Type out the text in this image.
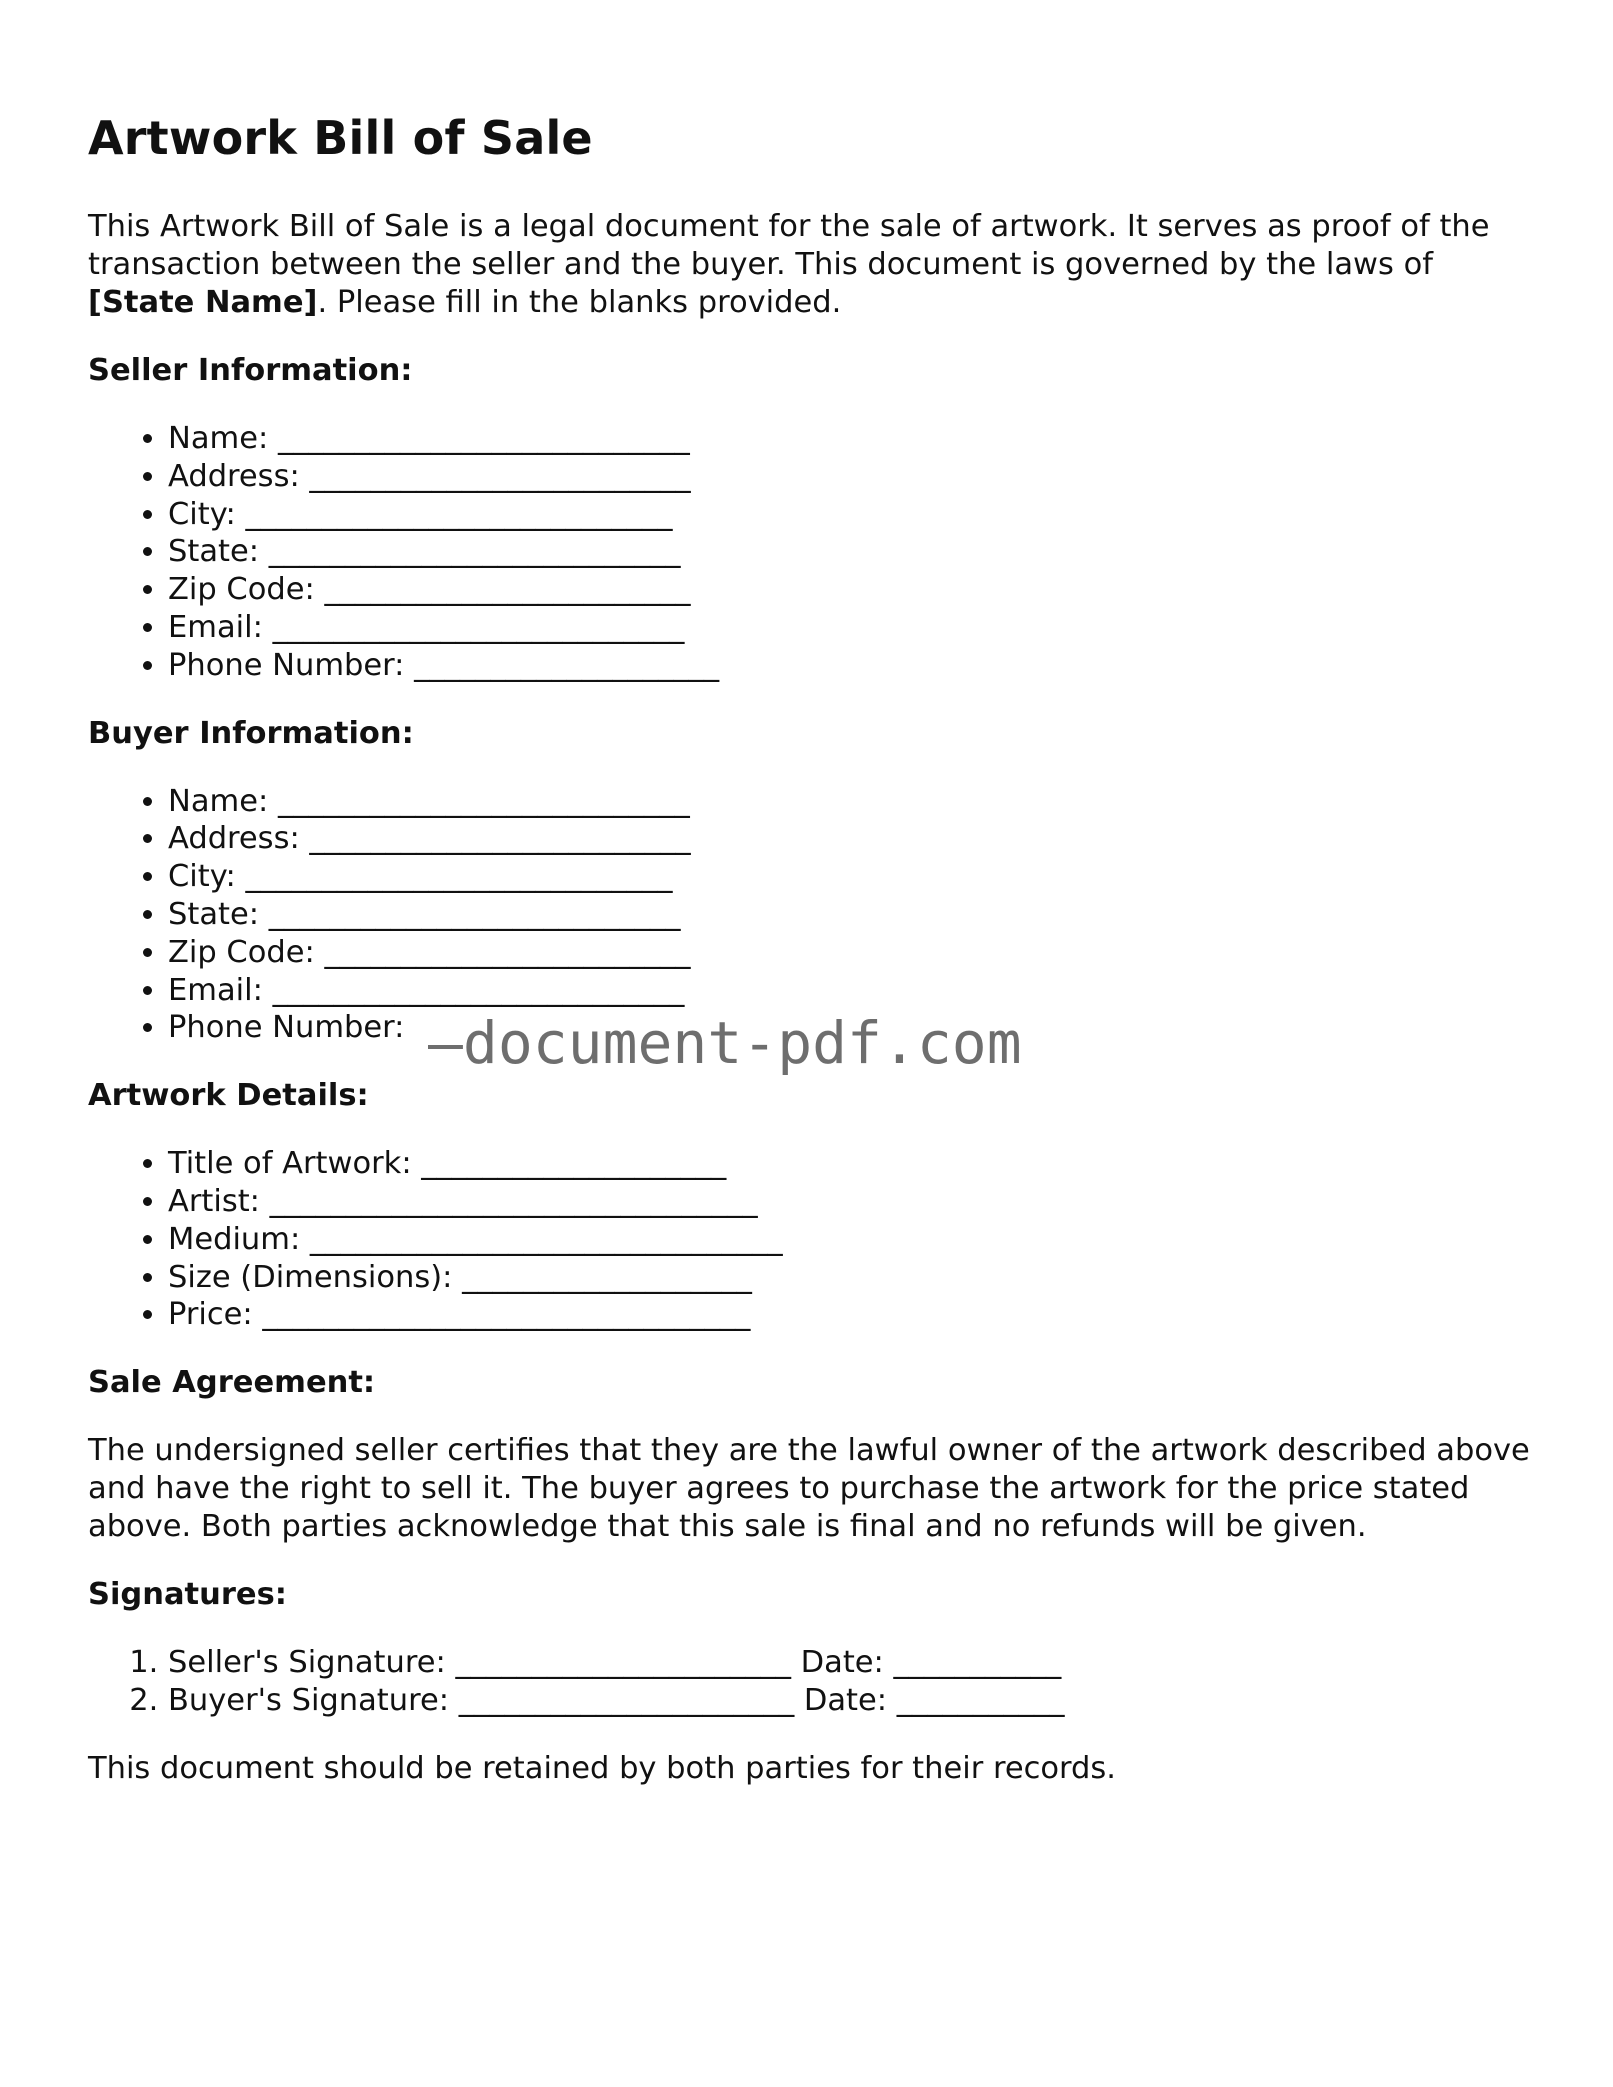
Artwork Bill of Sale

This Artwork Bill of Sale is a legal document for the sale of artwork. It serves as proof of the transaction between the seller and the buyer. This document is governed by the laws of [State Name]. Please fill in the blanks provided.

Seller Information:
• Name: ___________________________
• Address: _________________________
• City: ____________________________
• State: ___________________________
• Zip Code: ________________________
• Email: ___________________________
• Phone Number: ____________________
Buyer Information:
• Name: ___________________________
• Address: _________________________
• City: ____________________________
• State: ___________________________
• Zip Code: ________________________
• Email: ___________________________
• Phone Number:
Artwork Details:
• Title of Artwork: ____________________
• Artist: ________________________________
• Medium: _______________________________
• Size (Dimensions): ___________________
• Price: ________________________________
Sale Agreement:

The undersigned seller certifies that they are the lawful owner of the artwork described above and have the right to sell it. The buyer agrees to purchase the artwork for the price stated above. Both parties acknowledge that this sale is final and no refunds will be given.

Signatures:
1. Seller's Signature: ______________________ Date: ___________
2. Buyer's Signature: ______________________ Date: ___________

This document should be retained by both parties for their records.

—document-pdf.com
